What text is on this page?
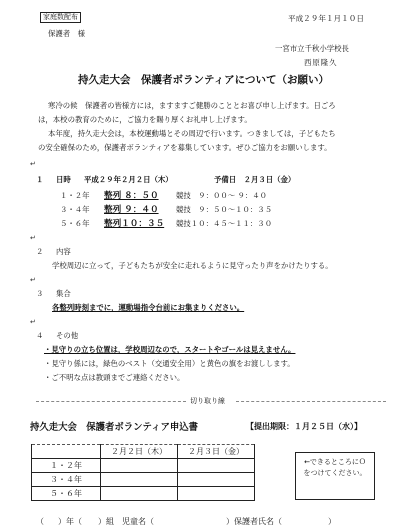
家庭数配布	平成２９年１月１０日
保護者　様
一宮市立千秋小学校長
西原隆久
持久走大会　保護者ボランティアについて（お願い）
寒冷の候　保護者の皆様方には，ますますご健勝のこととお喜び申し上げます。日ごろ
は，本校の教育のために，ご協力を賜り厚くお礼申し上げます。
本年度，持久走大会は，本校運動場とその周辺で行います。つきましては，子どもたち
の安全確保のため，保護者ボランティアを募集しています。ぜひご協力をお願いします。
↵
１ 日時 平成２９年２月２日（木）	予備日　２月３日（金）
１・２年 整列 ８：５０ 競技　９：００～ ９：４０
３・４年 整列 ９：４０ 競技　９：５０～１０：３５
５・６年 整列１０：３５ 競技１０：４５～１１：３０
↵
２ 内容
学校周辺に立って，子どもたちが安全に走れるように見守ったり声をかけたりする。
↵
３ 集合
各整列時刻までに，運動場指令台前にお集まりください。
↵
４ その他
・見守りの立ち位置は，学校周辺なので，スタートやゴールは見えません。
・見守り係には，緑色のベスト（交通安全用）と黄色の旗をお渡しします。
・ご不明な点は教頭までご連絡ください。
切り取り線
持久走大会　保護者ボランティア申込書	【提出期限：１月２５日（水）】
	２月２日（木）	２月３日（金）
１・２年		
３・４年		
５・６年		
←できるところにＯをつけてください。
（ ）年（ ）組　児童名（	）保護者氏名（	）
